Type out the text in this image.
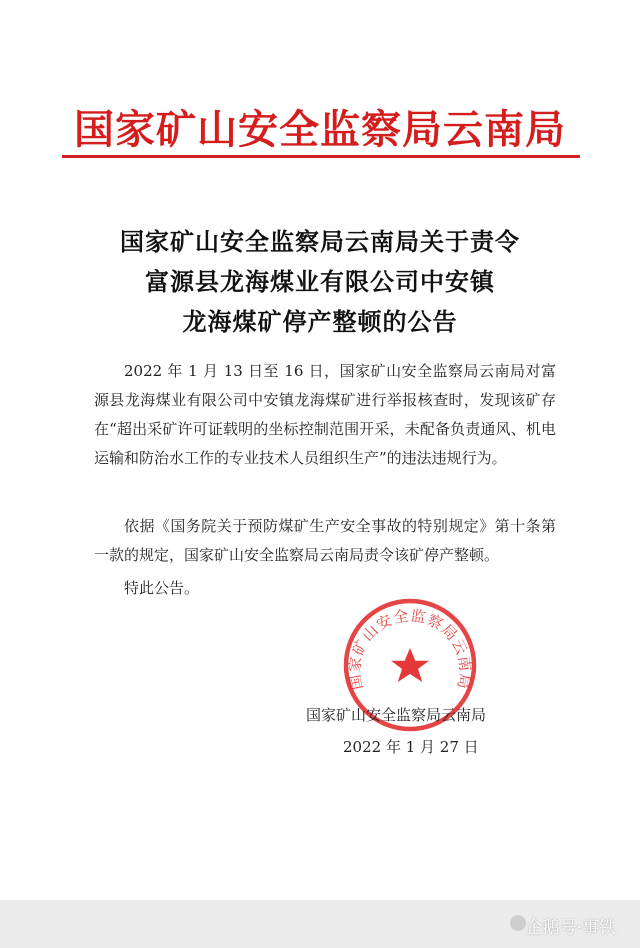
国家矿山安全监察局云南局
国家矿山安全监察局云南局关于责令
富源县龙海煤业有限公司中安镇
龙海煤矿停产整顿的公告
2022 年 1 月 13 日至 16 日，国家矿山安全监察局云南局对富源县龙海煤业有限公司中安镇龙海煤矿进行举报核查时，发现该矿存在“超出采矿许可证载明的坐标控制范围开采，未配备负责通风、机电运输和防治水工作的专业技术人员组织生产”的违法违规行为。
依据《国务院关于预防煤矿生产安全事故的特别规定》第十条第一款的规定，国家矿山安全监察局云南局责令该矿停产整顿。
特此公告。
国家矿山安全监察局云南局
国家矿山安全监察局云南局
2022 年 1 月 27 日
企鹅号·事铁
